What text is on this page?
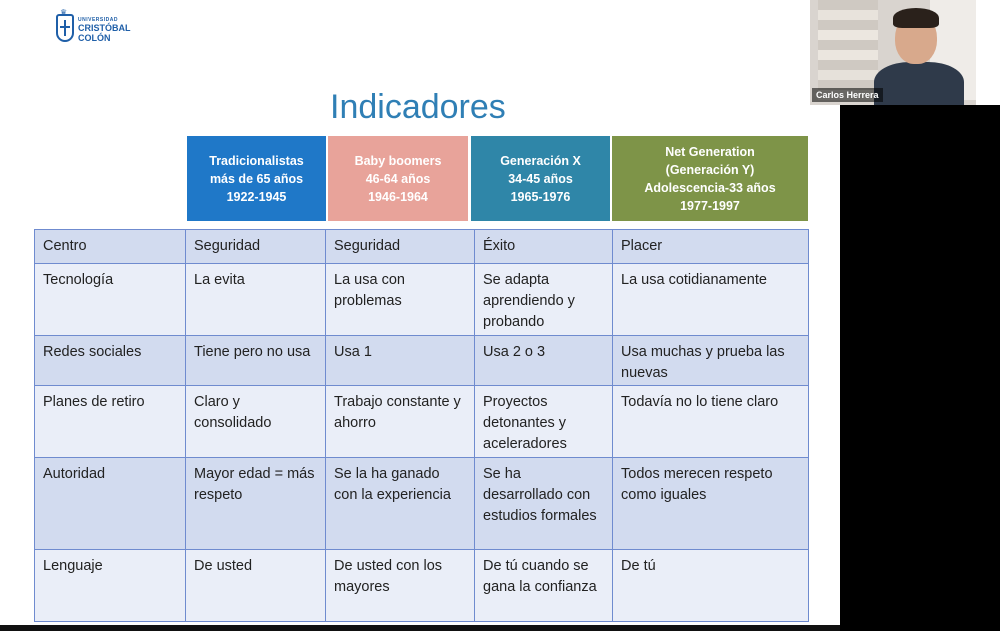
♛
UNIVERSIDAD
CRISTÓBAL
COLÓN
Indicadores
Tradicionalistas
más de 65 años
1922-1945
Baby boomers
46-64 años
1946-1964
Generación X
34-45 años
1965-1976
Net Generation
(Generación Y)
Adolescencia-33 años
1977-1997
Centro	Seguridad	Seguridad	Éxito	Placer
Tecnología	La evita	La usa con problemas	Se adapta aprendiendo y probando	La usa cotidianamente
Redes sociales	Tiene pero no usa	Usa 1	Usa 2 o 3	Usa muchas y prueba las nuevas
Planes de retiro	Claro y consolidado	Trabajo constante y ahorro	Proyectos detonantes y aceleradores	Todavía no lo tiene claro
Autoridad	Mayor edad = más respeto	Se la ha ganado con la experiencia	Se ha desarrollado con estudios formales	Todos merecen respeto como iguales
Lenguaje	De usted	De usted con los mayores	De tú cuando se gana la confianza	De tú
Carlos Herrera
